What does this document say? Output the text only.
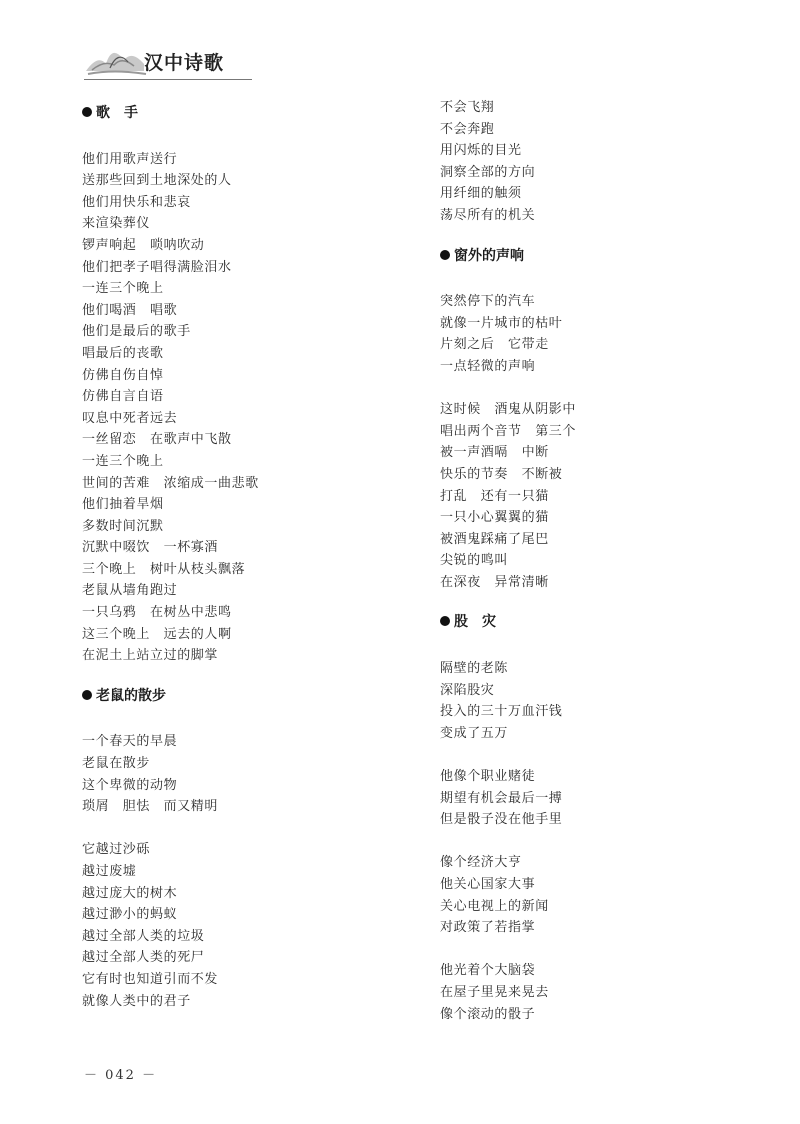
汉中诗歌
歌　手
他们用歌声送行
送那些回到土地深处的人
他们用快乐和悲哀
来渲染葬仪
锣声响起　唢呐吹动
他们把孝子唱得满脸泪水
一连三个晚上
他们喝酒　唱歌
他们是最后的歌手
唱最后的丧歌
仿佛自伤自悼
仿佛自言自语
叹息中死者远去
一丝留恋　在歌声中飞散
一连三个晚上
世间的苦难　浓缩成一曲悲歌
他们抽着旱烟
多数时间沉默
沉默中啜饮　一杯寡酒
三个晚上　树叶从枝头飘落
老鼠从墙角跑过
一只乌鸦　在树丛中悲鸣
这三个晚上　远去的人啊
在泥土上站立过的脚掌
老鼠的散步
一个春天的早晨
老鼠在散步
这个卑微的动物
琐屑　胆怯　而又精明
它越过沙砾
越过废墟
越过庞大的树木
越过渺小的蚂蚁
越过全部人类的垃圾
越过全部人类的死尸
它有时也知道引而不发
就像人类中的君子
不会飞翔
不会奔跑
用闪烁的目光
洞察全部的方向
用纤细的触须
荡尽所有的机关
窗外的声响
突然停下的汽车
就像一片城市的枯叶
片刻之后　它带走
一点轻微的声响
这时候　酒鬼从阴影中
唱出两个音节　第三个
被一声酒嗝　中断
快乐的节奏　不断被
打乱　还有一只猫
一只小心翼翼的猫
被酒鬼踩痛了尾巴
尖锐的鸣叫
在深夜　异常清晰
股　灾
隔壁的老陈
深陷股灾
投入的三十万血汗钱
变成了五万
他像个职业赌徒
期望有机会最后一搏
但是骰子没在他手里
像个经济大亨
他关心国家大事
关心电视上的新闻
对政策了若指掌
他光着个大脑袋
在屋子里晃来晃去
像个滚动的骰子
－ 042 －
